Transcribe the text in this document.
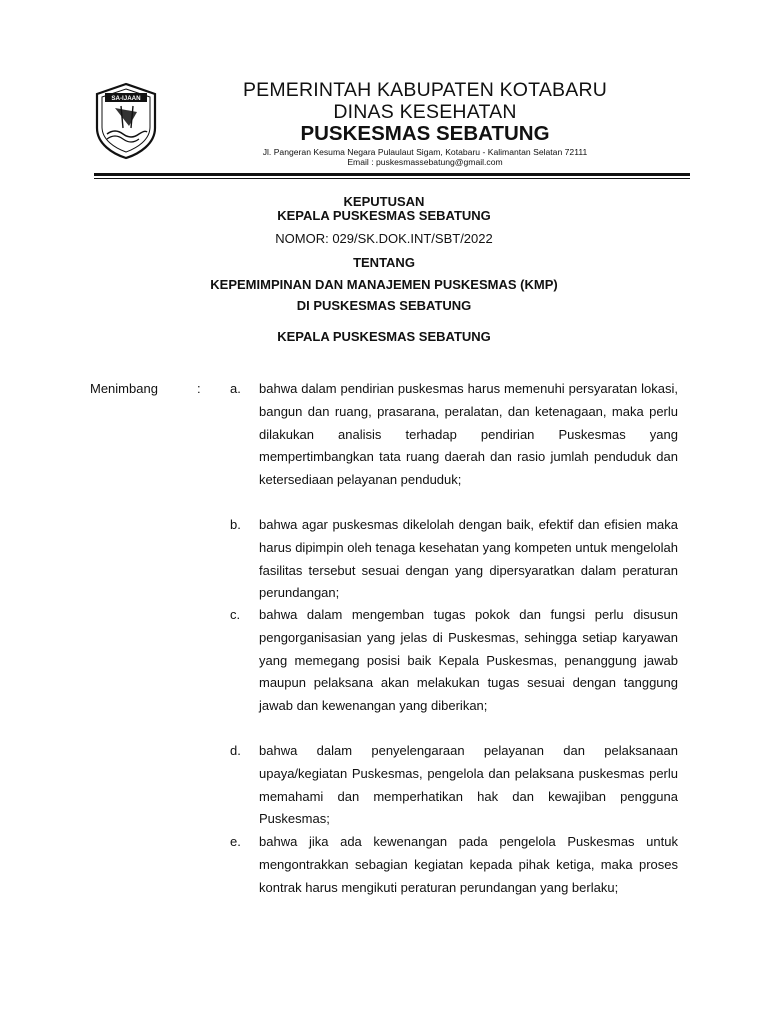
SA-IJAAN	PEMERINTAH KABUPATEN KOTABARU
DINAS KESEHATAN
PUSKESMAS SEBATUNG
Jl. Pangeran Kesuma Negara Pulaulaut Sigam, Kotabaru - Kalimantan Selatan 72111
Email : puskesmassebatung@gmail.com
KEPUTUSAN
KEPALA PUSKESMAS SEBATUNG
NOMOR: 029/SK.DOK.INT/SBT/2022
TENTANG
KEPEMIMPINAN DAN MANAJEMEN PUSKESMAS (KMP)
DI PUSKESMAS SEBATUNG
KEPALA PUSKESMAS SEBATUNG
Menimbang	: a. bahwa dalam pendirian puskesmas harus memenuhi persyaratan lokasi, bangun dan ruang, prasarana, peralatan, dan ketenagaan, maka perlu dilakukan analisis terhadap pendirian Puskesmas yang mempertimbangkan tata ruang daerah dan rasio jumlah penduduk dan ketersediaan pelayanan penduduk;
b. bahwa agar puskesmas dikelolah dengan baik, efektif dan efisien maka harus dipimpin oleh tenaga kesehatan yang kompeten untuk mengelolah fasilitas tersebut sesuai dengan yang dipersyaratkan dalam peraturan perundangan;
c. bahwa dalam mengemban tugas pokok dan fungsi perlu disusun pengorganisasian yang jelas di Puskesmas, sehingga setiap karyawan yang memegang posisi baik Kepala Puskesmas, penanggung jawab maupun pelaksana akan melakukan tugas sesuai dengan tanggung jawab dan kewenangan yang diberikan;
d. bahwa dalam penyelengaraan pelayanan dan pelaksanaan upaya/kegiatan Puskesmas, pengelola dan pelaksana puskesmas perlu memahami dan memperhatikan hak dan kewajiban pengguna Puskesmas;
e. bahwa jika ada kewenangan pada pengelola Puskesmas untuk mengontrakkan sebagian kegiatan kepada pihak ketiga, maka proses kontrak harus mengikuti peraturan perundangan yang berlaku;
